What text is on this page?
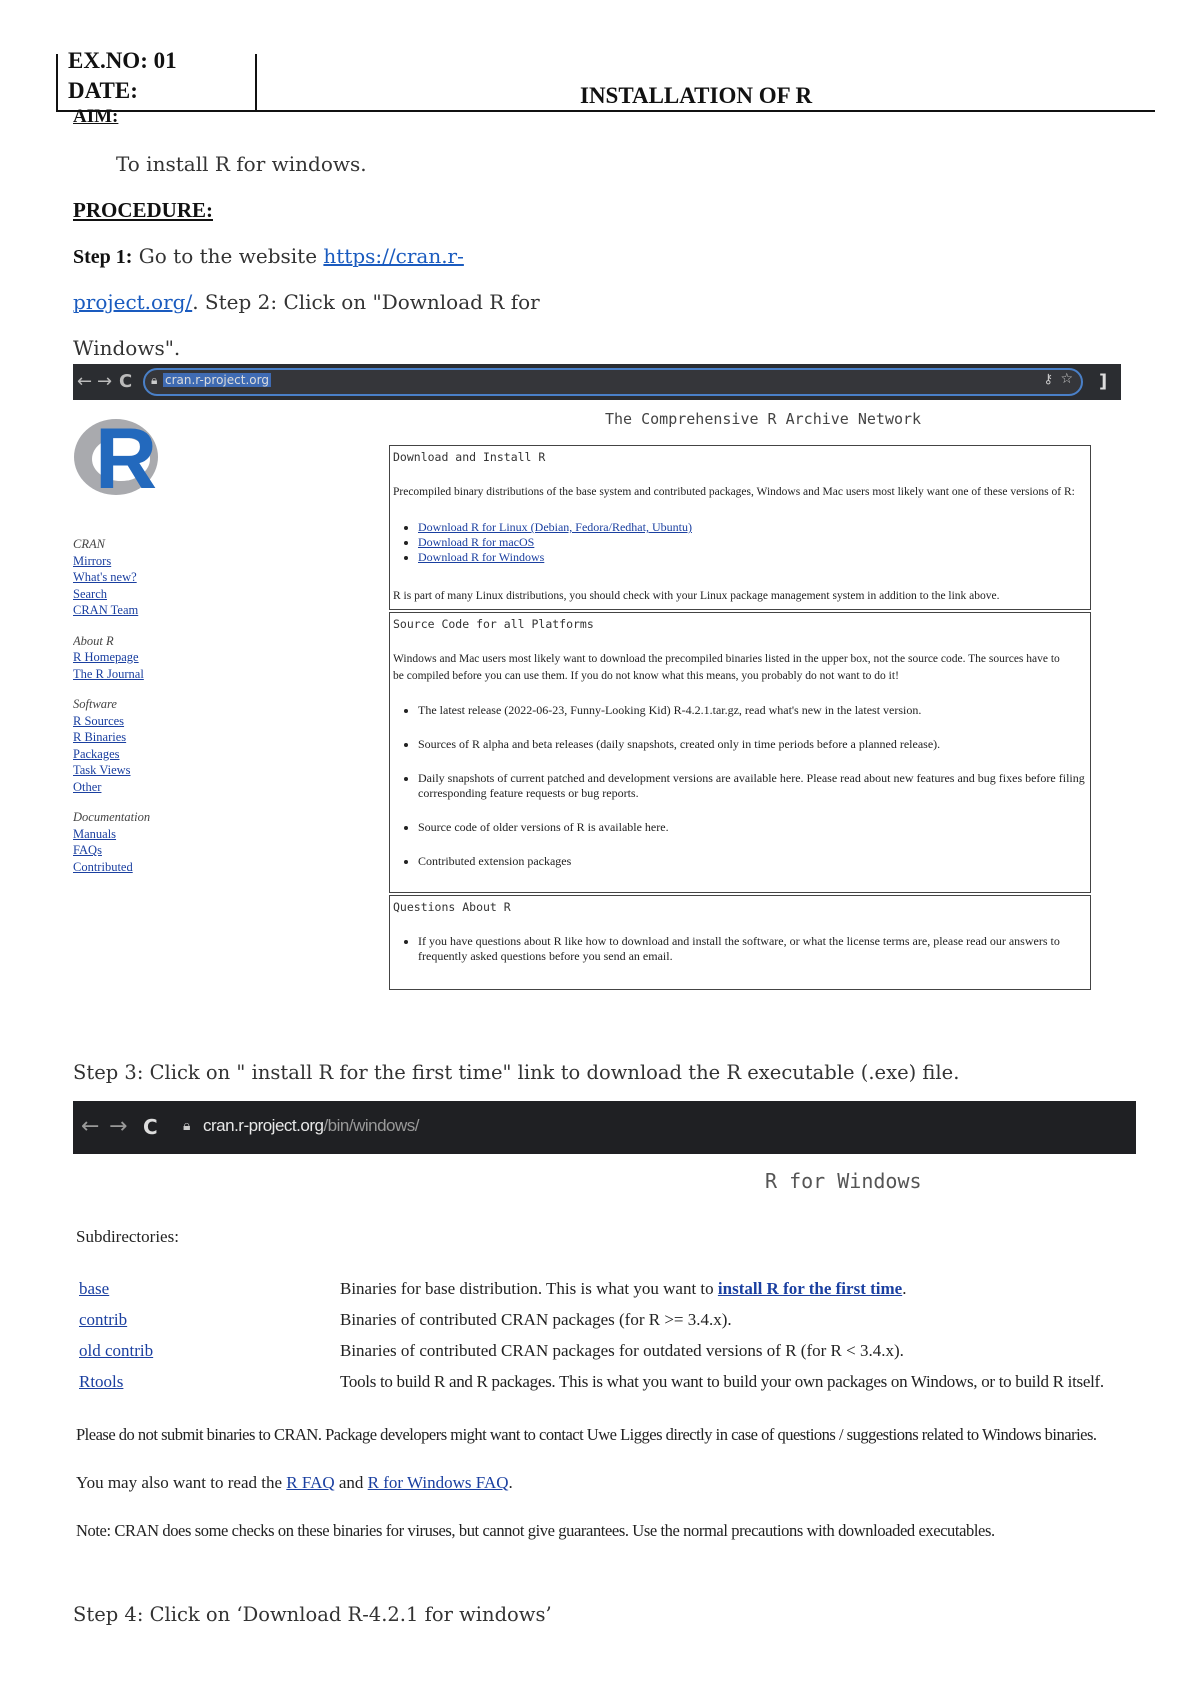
EX.NO: 01
DATE:	INSTALLATION OF R
AIM:
To install R for windows.
PROCEDURE:
Step 1: Go to the website https://cran.r-
project.org/. Step 2: Click on "Download R for
Windows".
← → C 🔒︎ cran.r-project.org	⚷ ☆ ]
R	The Comprehensive R Archive Network
CRAN
Mirrors
What's new?
Search
CRAN Team
About R
R Homepage
The R Journal
Software
R Sources
R Binaries
Packages
Task Views
Other
Documentation
Manuals
FAQs
Contributed
Download and Install R
Precompiled binary distributions of the base system and contributed packages, Windows and Mac users most likely want one of these versions of R:
• Download R for Linux (Debian, Fedora/Redhat, Ubuntu)
• Download R for macOS
• Download R for Windows
R is part of many Linux distributions, you should check with your Linux package management system in addition to the link above.
Source Code for all Platforms
Windows and Mac users most likely want to download the precompiled binaries listed in the upper box, not the source code. The sources have to be compiled before you can use them. If you do not know what this means, you probably do not want to do it!
• The latest release (2022-06-23, Funny-Looking Kid) R-4.2.1.tar.gz, read what's new in the latest version.
• Sources of R alpha and beta releases (daily snapshots, created only in time periods before a planned release).
• Daily snapshots of current patched and development versions are available here. Please read about new features and bug fixes before filing corresponding feature requests or bug reports.
• Source code of older versions of R is available here.
• Contributed extension packages
Questions About R
• If you have questions about R like how to download and install the software, or what the license terms are, please read our answers to frequently asked questions before you send an email.
Step 3: Click on " install R for the first time" link to download the R executable (.exe) file.
← → C 🔒︎ cran.r-project.org/bin/windows/
R for Windows
Subdirectories:
base	Binaries for base distribution. This is what you want to install R for the first time.
contrib	Binaries of contributed CRAN packages (for R >= 3.4.x).
old contrib	Binaries of contributed CRAN packages for outdated versions of R (for R < 3.4.x).
Rtools	Tools to build R and R packages. This is what you want to build your own packages on Windows, or to build R itself.
Please do not submit binaries to CRAN. Package developers might want to contact Uwe Ligges directly in case of questions / suggestions related to Windows binaries.
You may also want to read the R FAQ and R for Windows FAQ.
Note: CRAN does some checks on these binaries for viruses, but cannot give guarantees. Use the normal precautions with downloaded executables.
Step 4: Click on ‘Download R-4.2.1 for windows’
